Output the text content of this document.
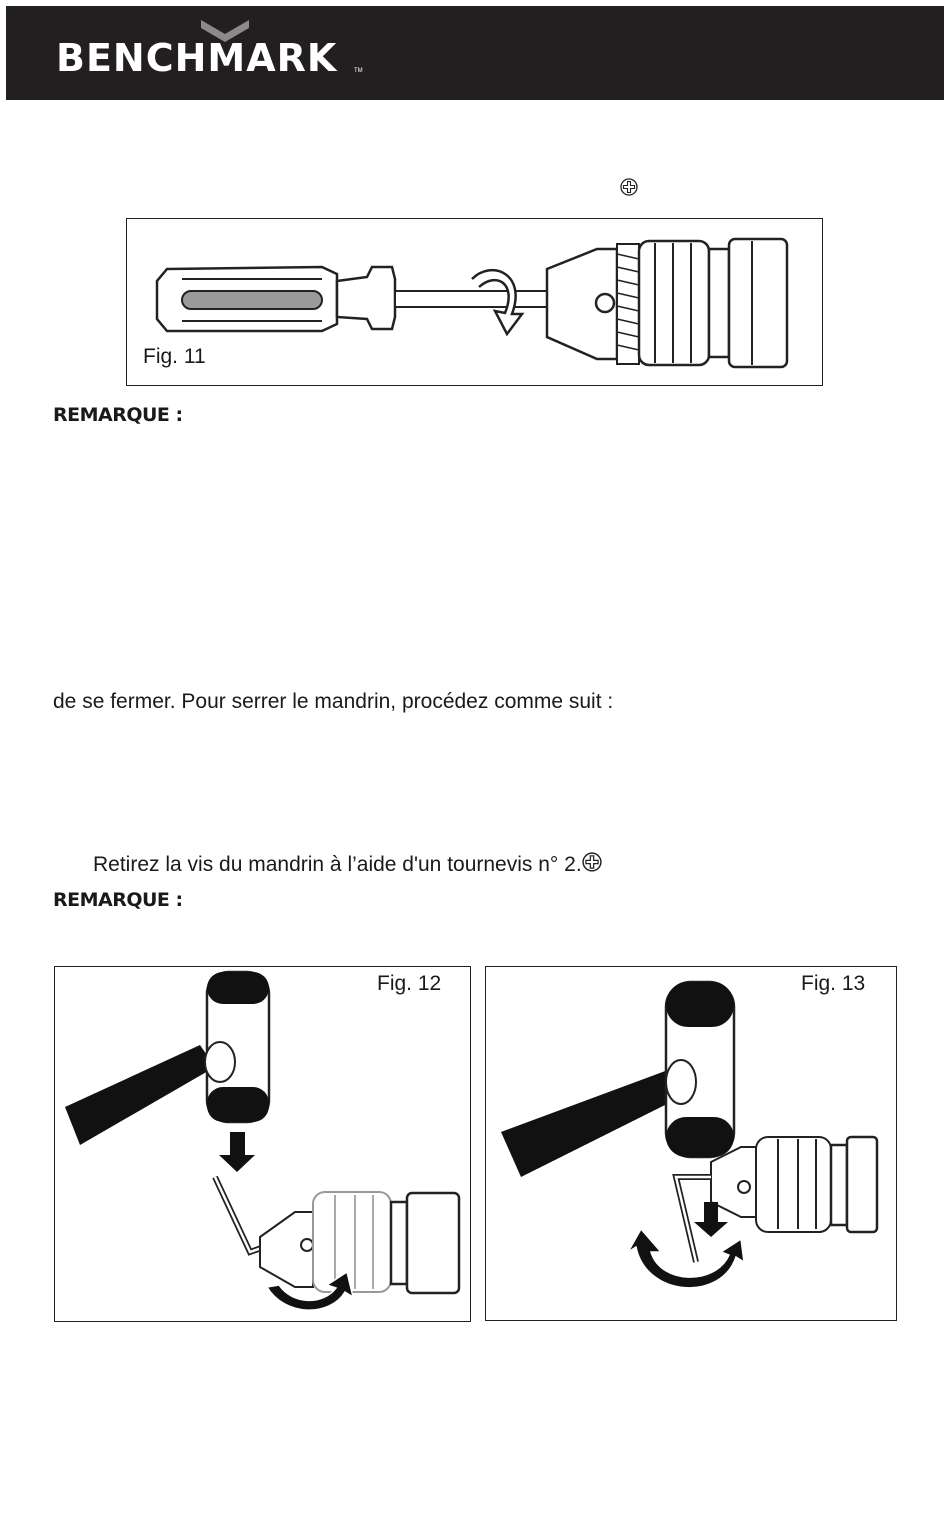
BENCHMARK	TM
Fig. 11
REMARQUE :
de se fermer. Pour serrer le mandrin, procédez comme suit :
Retirez la vis du mandrin à l’aide d'un tournevis n° 2.
REMARQUE :
Fig. 12	Fig. 13
